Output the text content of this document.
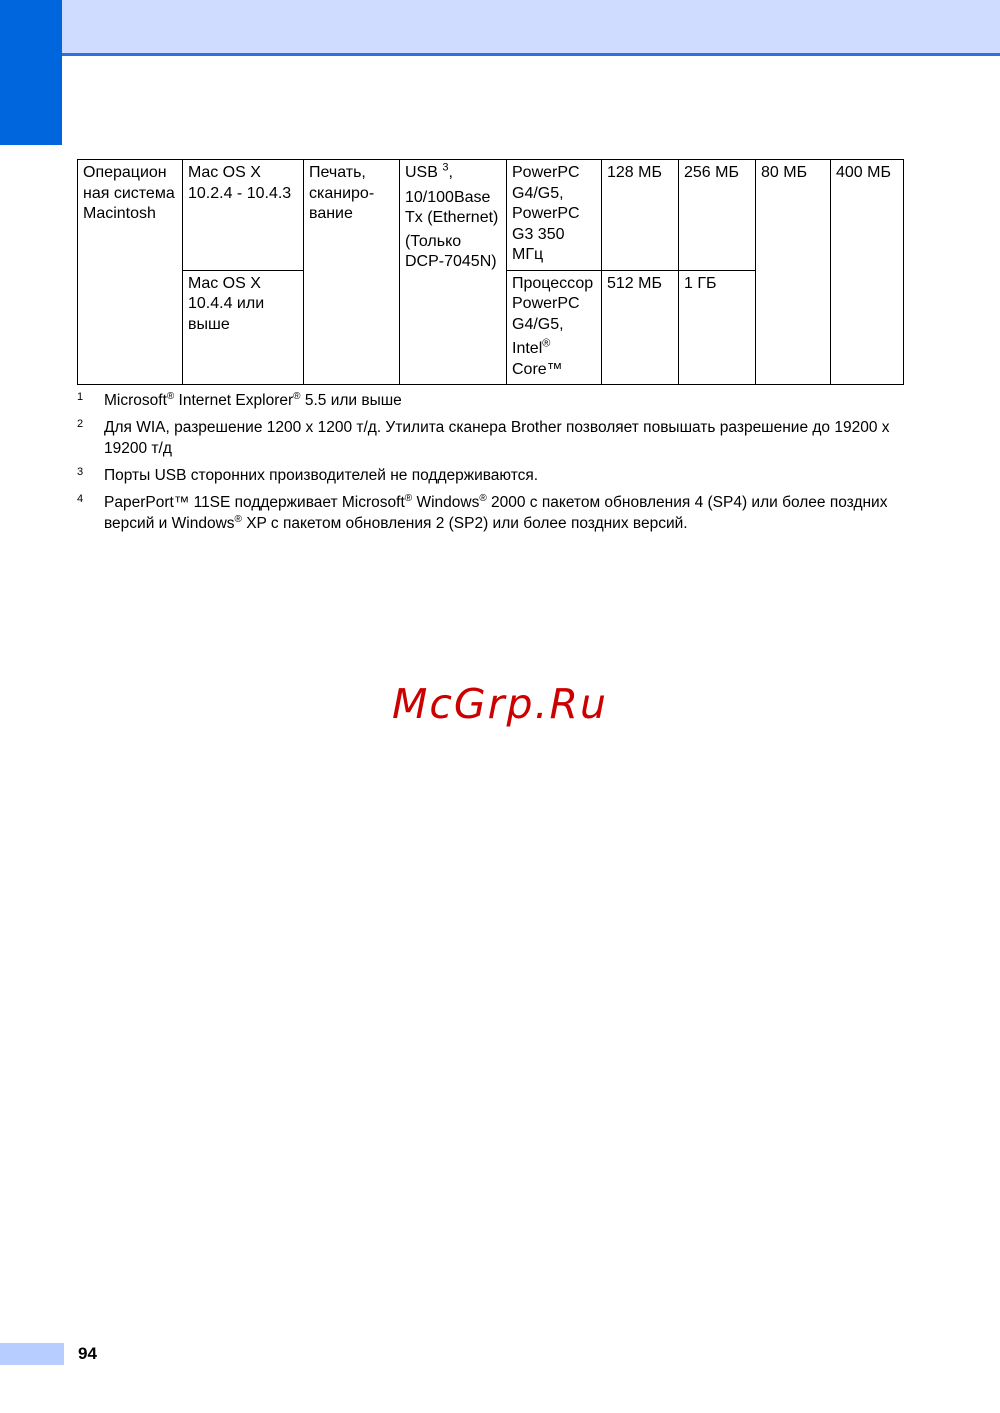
Операцион ная система Macintosh	Mac OS X 10.2.4 - 10.4.3	Печать, сканиро-вание	USB $^3$,
10/100Base Tx (Ethernet)
(Только DCP-7045N)	PowerPC G4/G5, PowerPC G3 350 МГц	128 МБ	256 МБ	80 МБ	400 МБ
	Mac OS X 10.4.4 или выше			Процессор PowerPC G4/G5,
Intel®
Core™	512 МБ	1 ГБ		
1	Microsoft® Internet Explorer® 5.5 или выше
2	Для WIA, разрешение 1200 x 1200 т/д. Утилита сканера Brother позволяет повышать разрешение до 19200 x 19200 т/д
3	Порты USB сторонних производителей не поддерживаются.
4	PaperPort™ 11SE поддерживает Microsoft® Windows® 2000 с пакетом обновления 4 (SP4) или более поздних версий и Windows® XP с пакетом обновления 2 (SP2) или более поздних версий.
McGrp.Ru
94
